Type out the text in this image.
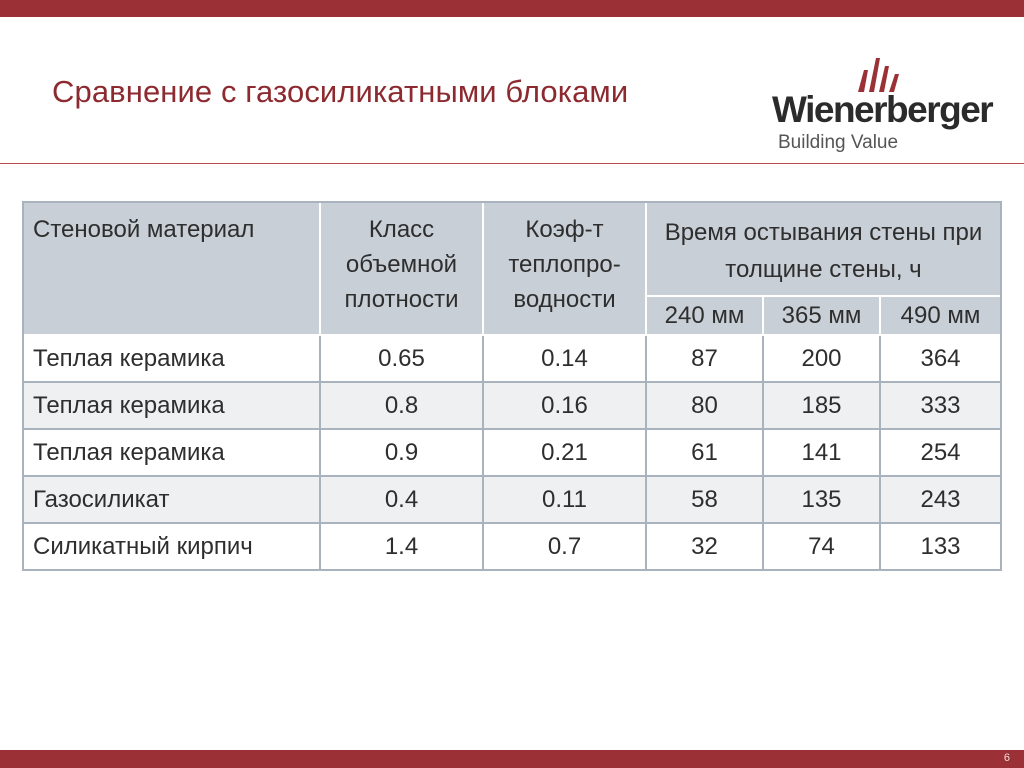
Сравнение с газосиликатными блоками	Wienerberger
Building Value
Стеновой материал	Класс объемной плотности	Коэф-т теплопро-водности	Время остывания стены при толщине стены, ч		
			240 мм	365 мм	490 мм
Теплая керамика	0.65	0.14	87	200	364
Теплая керамика	0.8	0.16	80	185	333
Теплая керамика	0.9	0.21	61	141	254
Газосиликат	0.4	0.11	58	135	243
Силикатный кирпич	1.4	0.7	32	74	133
6
